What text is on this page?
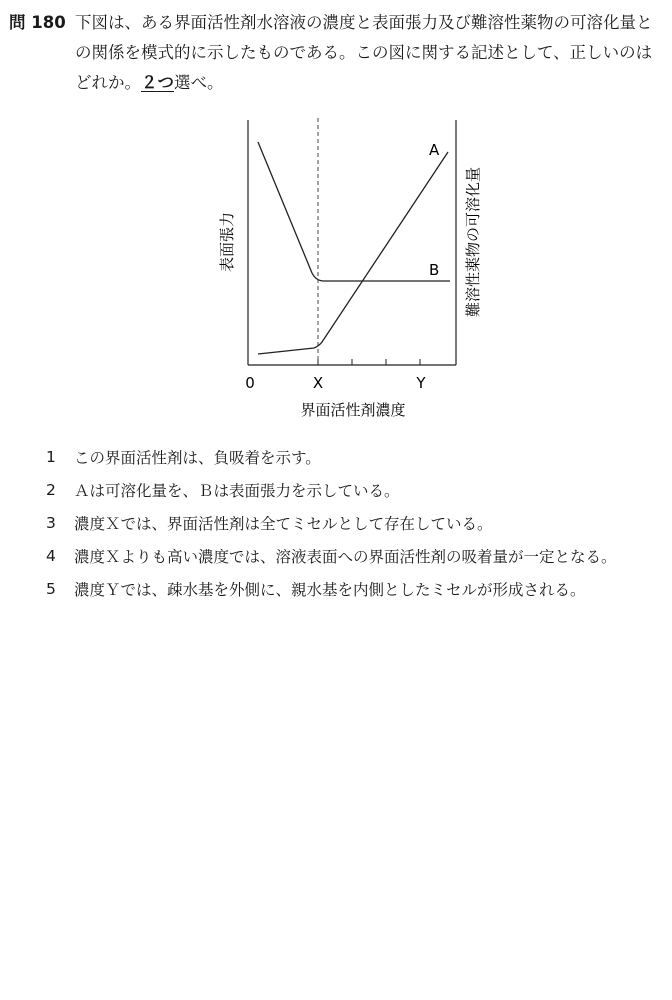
問 180 下図は、ある界面活性剤水溶液の濃度と表面張力及び難溶性薬物の可溶化量との関係を模式的に示したものである。この図に関する記述として、正しいのはどれか。２つ選べ。
A
B
0	X	Y
界面活性剤濃度
表面張力	難溶性薬物の可溶化量
1	この界面活性剤は、負吸着を示す。
2	Ａは可溶化量を、Ｂは表面張力を示している。
3	濃度Ｘでは、界面活性剤は全てミセルとして存在している。
4	濃度Ｘよりも高い濃度では、溶液表面への界面活性剤の吸着量が一定となる。
5	濃度Ｙでは、疎水基を外側に、親水基を内側としたミセルが形成される。
